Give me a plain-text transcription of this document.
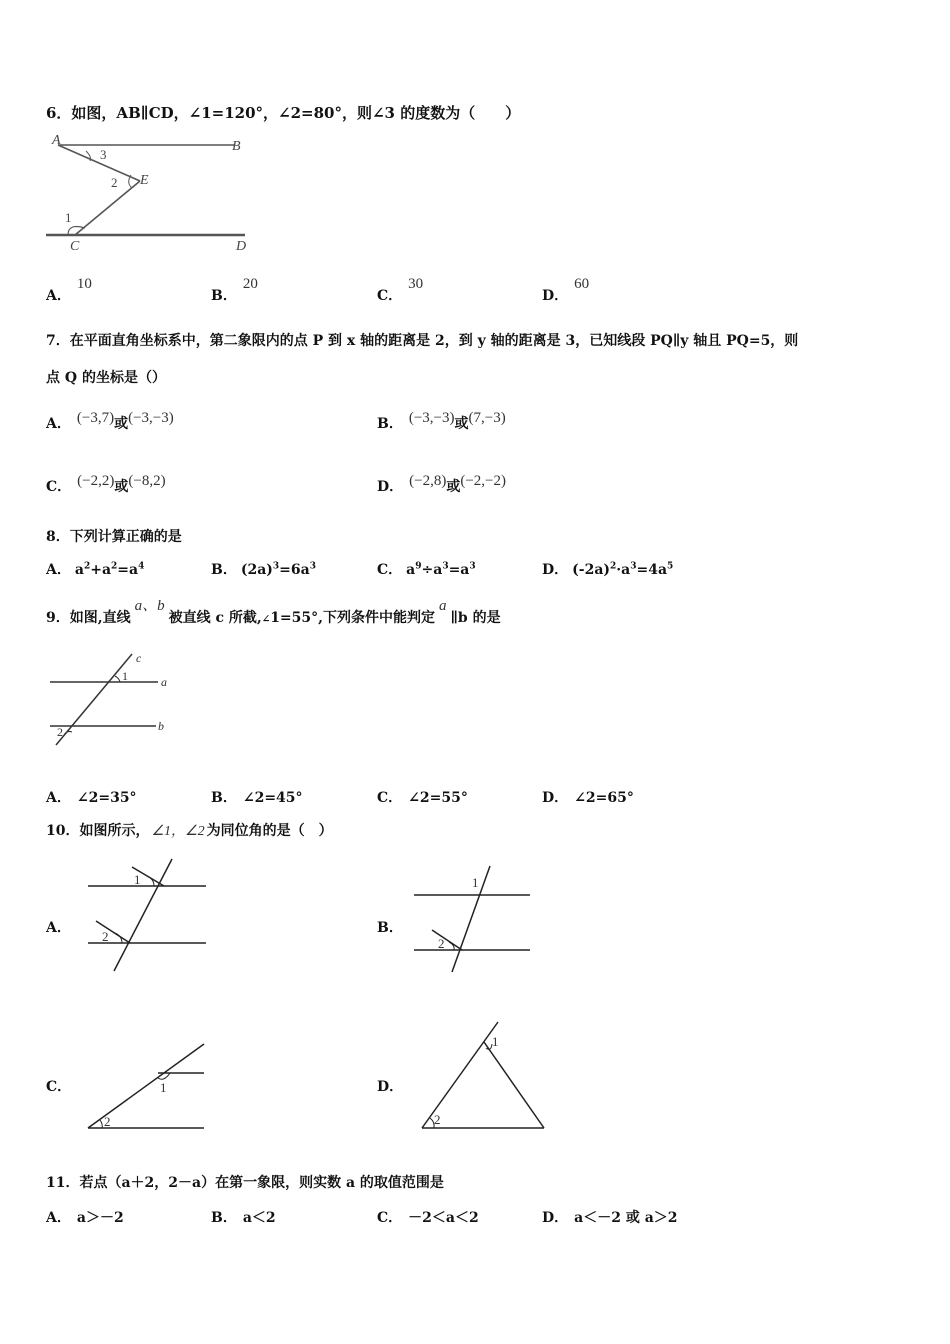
6．如图，AB∥CD，∠1=120°，∠2=80°，则∠3 的度数为（　　）
A	B
E
C	D
3
2
1
A．10
B．20
C．30
D．60
7．在平面直角坐标系中，第二象限内的点 P 到 x 轴的距离是 2，到 y 轴的距离是 3，已知线段 PQ∥y 轴且 PQ=5，则
点 Q 的坐标是（）
A． (−3,7)或(−3,−3)	B． (−3,−3)或(7,−3)
C． (−2,2)或(−8,2)	D． (−2,8)或(−2,−2)
8．下列计算正确的是
A． $a^2+a^2=a^4$	B． $(2a)^3=6a^3$	C． $a^9\div a^3=a^3$	D． $(-2a)^2\cdot a^3=4a^5$
9．如图,直线a、b被直线 c 所截,∠1=55°,下列条件中能判定a∥b 的是
c
1	a
b
2
A． ∠2=35°	B． ∠2=45°	C． ∠2=55°	D． ∠2=65°
10．如图所示， ∠1，∠2 为同位角的是（　）
A．
1
2
B．
1
2
C．	1
2
D．
1
2
11．若点（a＋2，2－a）在第一象限，则实数 a 的取值范围是
A． a＞－2	B． a＜2	C． －2＜a＜2	D． a＜－2 或 a＞2
